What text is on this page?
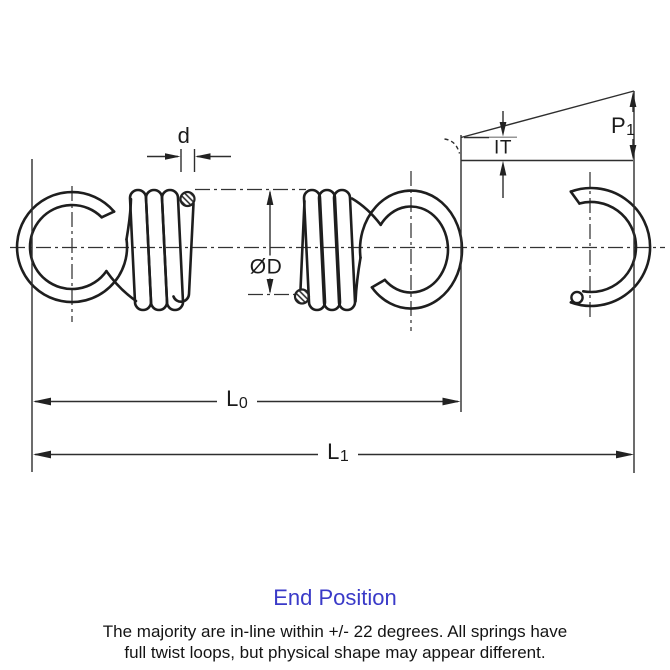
d
ØD
IT
P1
L0
L1
End Position
The majority are in-line within +/- 22 degrees. All springs have
full twist loops, but physical shape may appear different.
